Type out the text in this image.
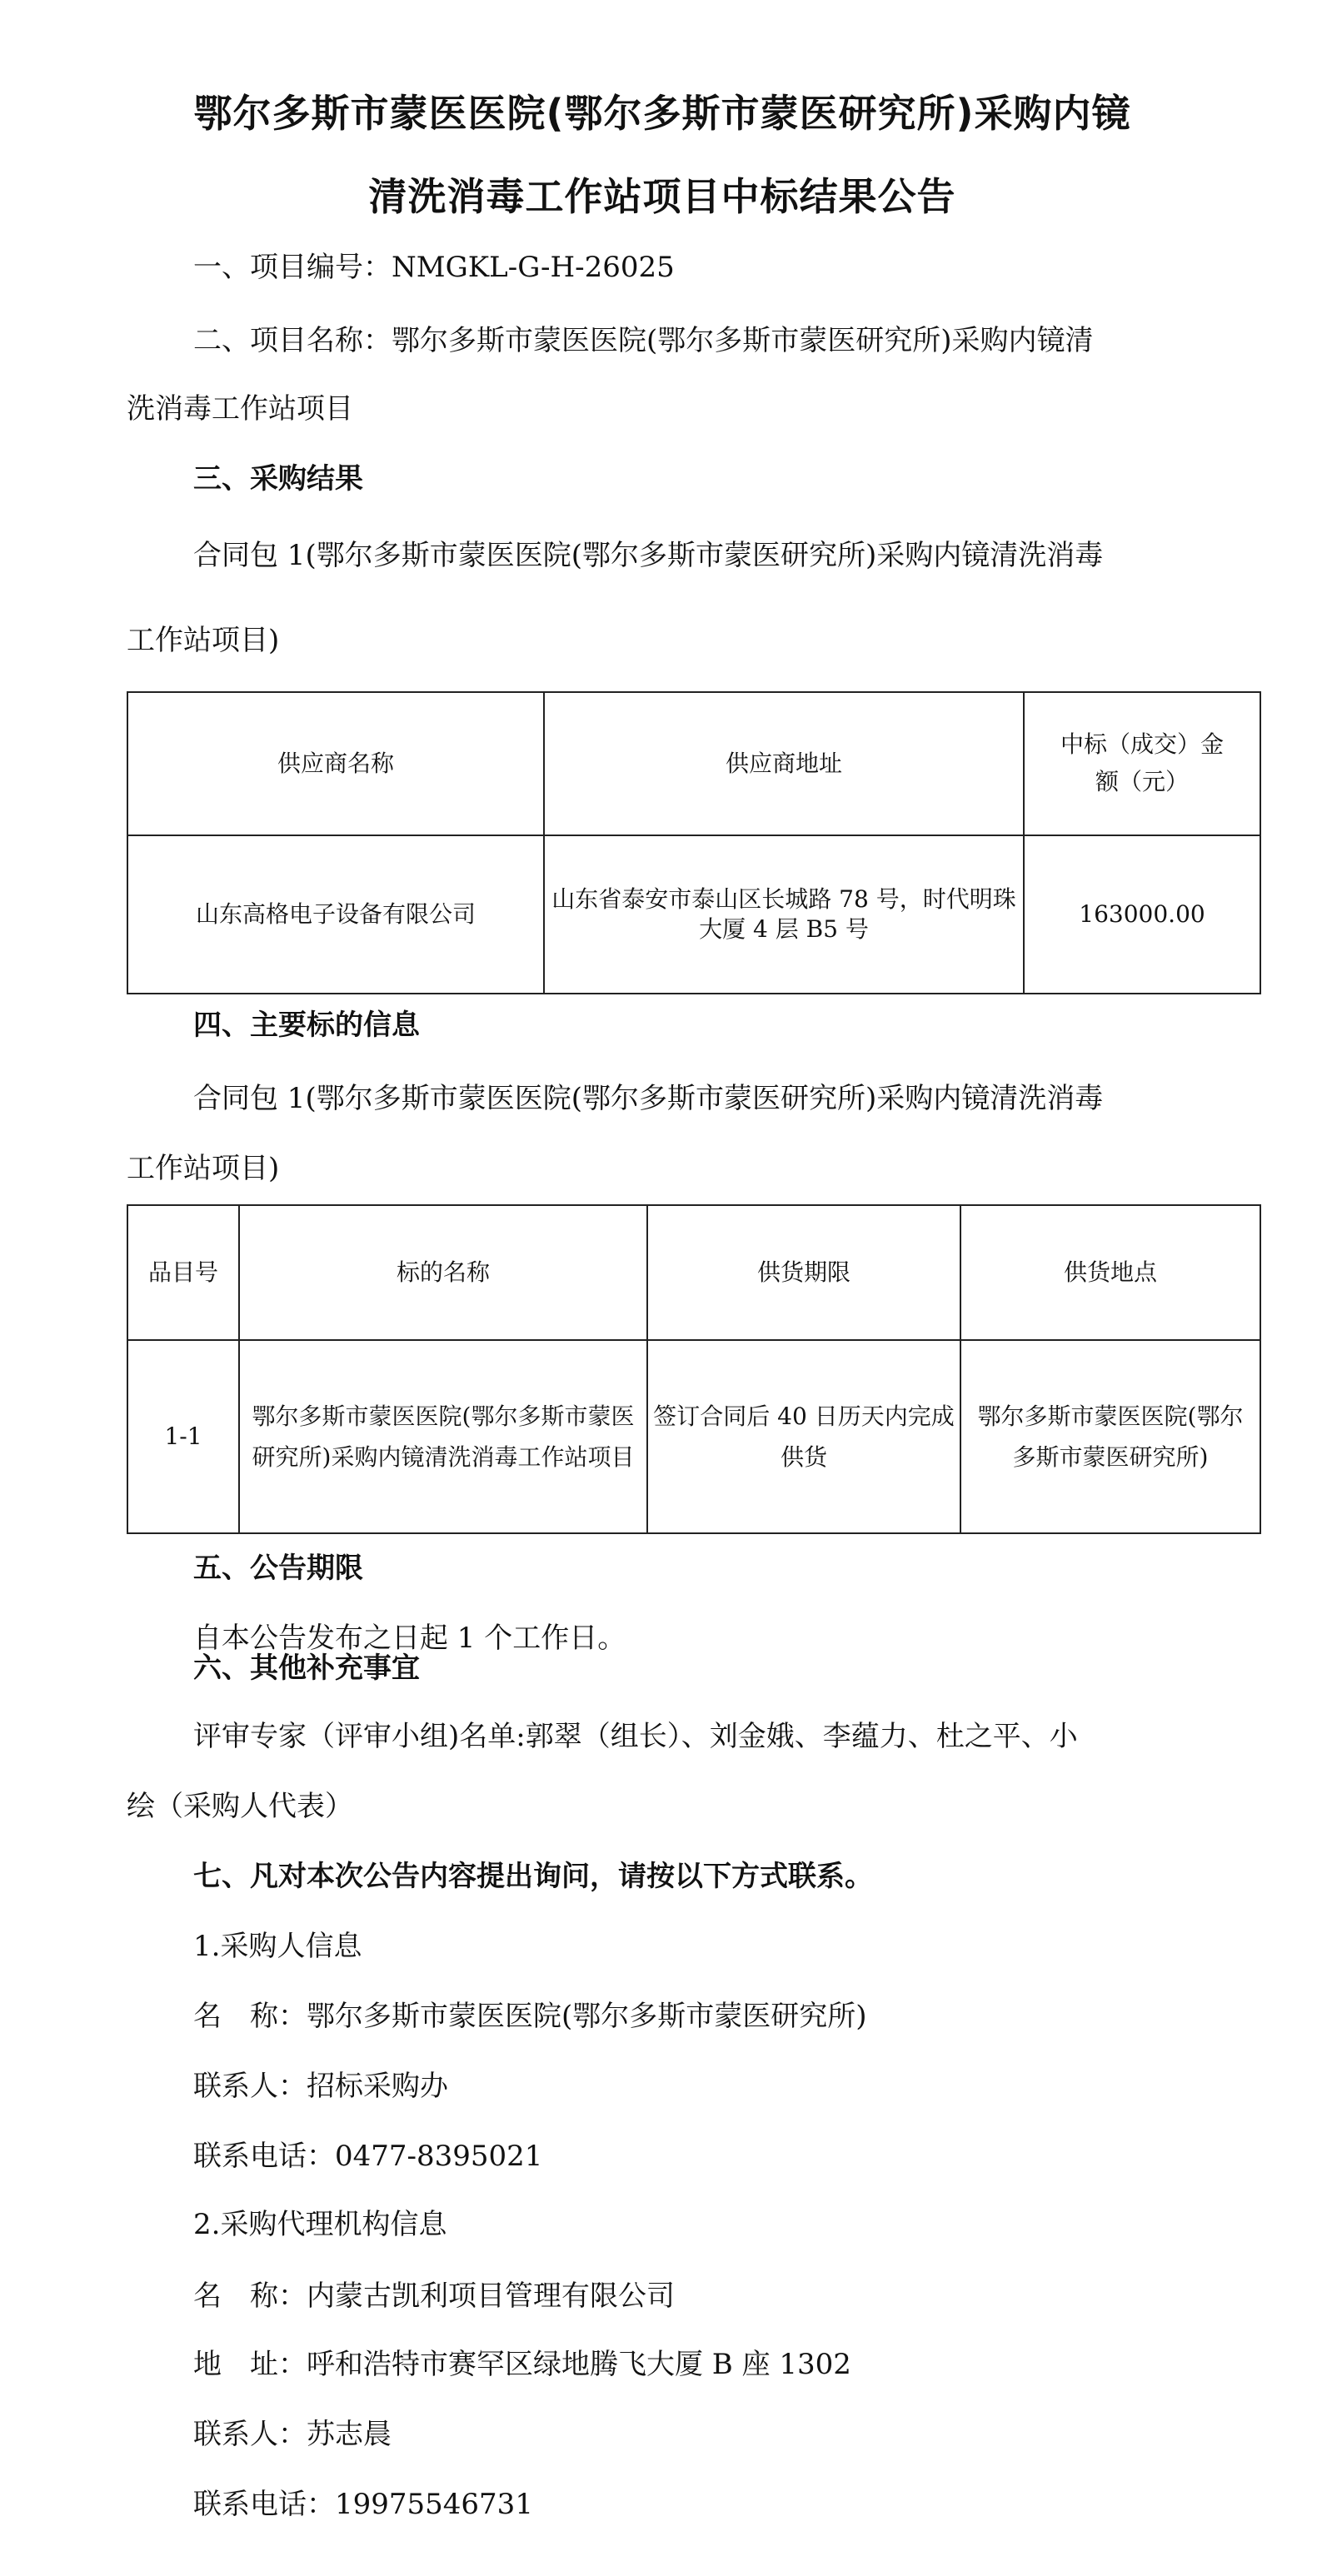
鄂尔多斯市蒙医医院(鄂尔多斯市蒙医研究所)采购内镜
清洗消毒工作站项目中标结果公告
一、项目编号：NMGKL-G-H-26025
二、项目名称：鄂尔多斯市蒙医医院(鄂尔多斯市蒙医研究所)采购内镜清
洗消毒工作站项目
三、采购结果
合同包 1(鄂尔多斯市蒙医医院(鄂尔多斯市蒙医研究所)采购内镜清洗消毒
工作站项目)
供应商名称	供应商地址	中标（成交）金额（元）
山东高格电子设备有限公司	山东省泰安市泰山区长城路 78 号，时代明珠大厦 4 层 B5 号	163000.00
四、主要标的信息
合同包 1(鄂尔多斯市蒙医医院(鄂尔多斯市蒙医研究所)采购内镜清洗消毒
工作站项目)
品目号	标的名称	供货期限	供货地点
1-1	鄂尔多斯市蒙医医院(鄂尔多斯市蒙医研究所)采购内镜清洗消毒工作站项目	签订合同后 40 日历天内完成供货	鄂尔多斯市蒙医医院(鄂尔多斯市蒙医研究所)
五、公告期限
自本公告发布之日起 1 个工作日。
六、其他补充事宜
评审专家（评审小组)名单:郭翠（组长）、刘金娥、李蕴力、杜之平、小
绘（采购人代表）
七、凡对本次公告内容提出询问，请按以下方式联系。
1.采购人信息
名　称：鄂尔多斯市蒙医医院(鄂尔多斯市蒙医研究所)
联系人：招标采购办
联系电话：0477-8395021
2.采购代理机构信息
名　称：内蒙古凯利项目管理有限公司
地　址：呼和浩特市赛罕区绿地腾飞大厦 B 座 1302
联系人：苏志晨
联系电话：19975546731
